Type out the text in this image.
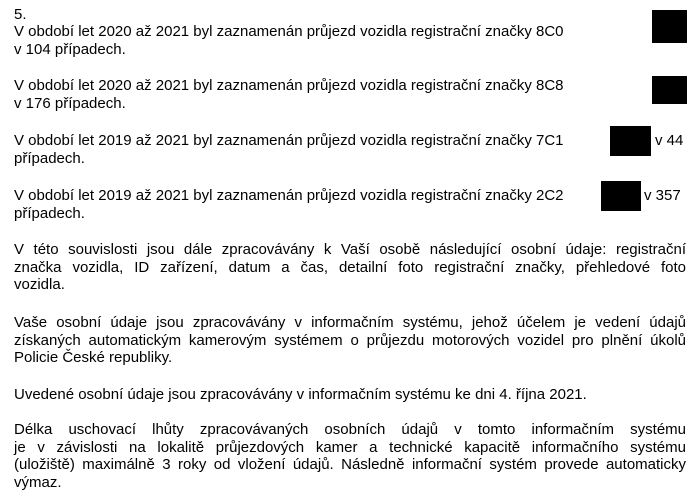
5.
V období let 2020 až 2021 byl zaznamenán průjezd vozidla registrační značky 8C0
v 104 případech.
V období let 2020 až 2021 byl zaznamenán průjezd vozidla registrační značky 8C8
v 176 případech.
V období let 2019 až 2021 byl zaznamenán průjezd vozidla registrační značky 7C1	v 44
případech.
V období let 2019 až 2021 byl zaznamenán průjezd vozidla registrační značky 2C2	v 357
případech.
V této souvislosti jsou dále zpracovávány k Vaší osobě následující osobní údaje: registrační
značka vozidla, ID zařízení, datum a čas, detailní foto registrační značky, přehledové foto
vozidla.
Vaše osobní údaje jsou zpracovávány v informačním systému, jehož účelem je vedení údajů
získaných automatickým kamerovým systémem o průjezdu motorových vozidel pro plnění úkolů
Policie České republiky.
Uvedené osobní údaje jsou zpracovávány v informačním systému ke dni 4. října 2021.
Délka uschovací lhůty zpracovávaných osobních údajů v tomto informačním systému
je v závislosti na lokalitě průjezdových kamer a technické kapacitě informačního systému
(uložiště) maximálně 3 roky od vložení údajů. Následně informační systém provede automaticky
výmaz.
